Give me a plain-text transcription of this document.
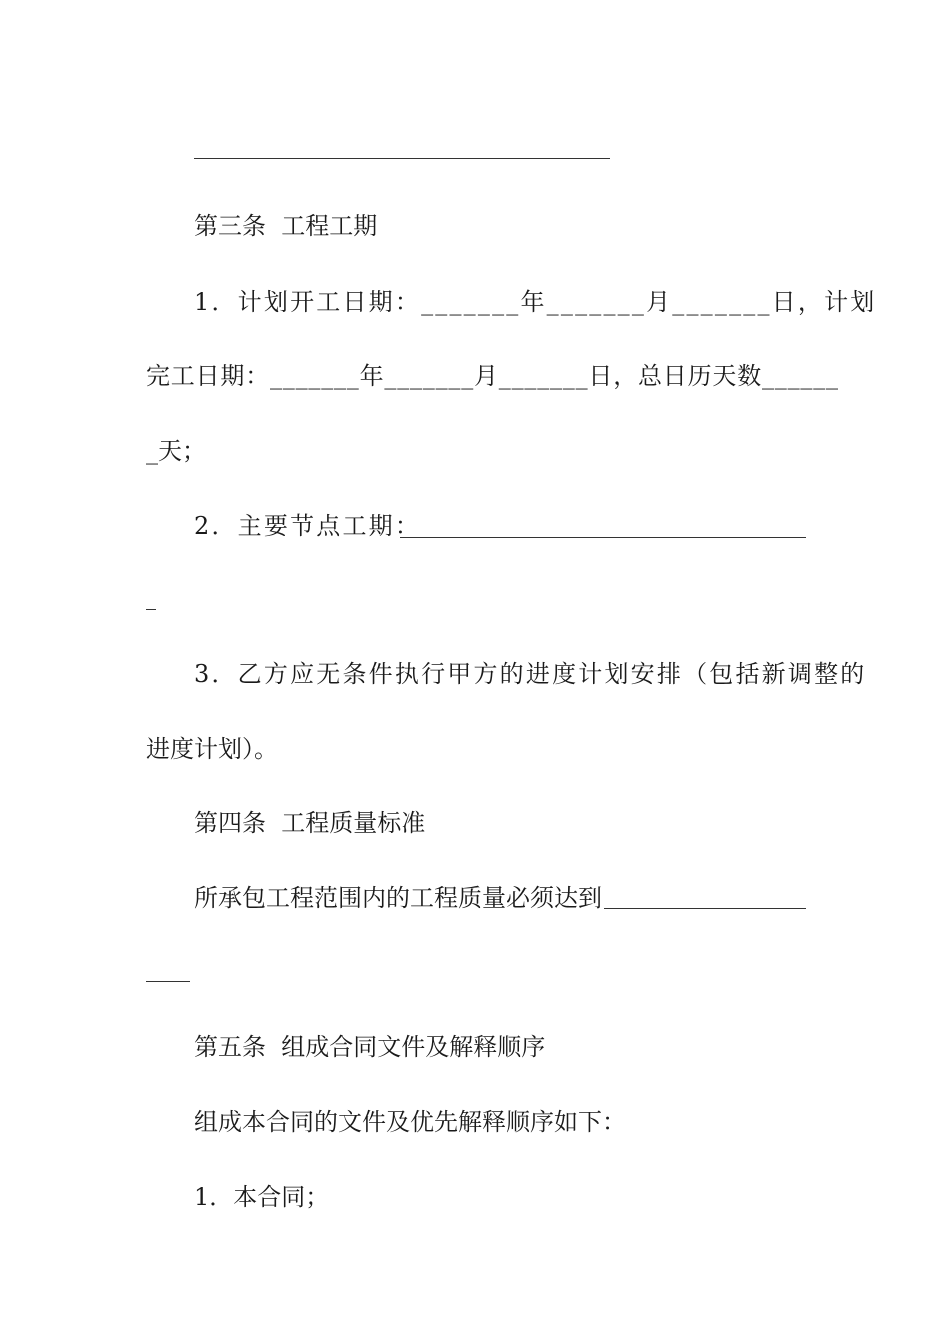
第三条  工程工期
1．计划开工日期：_______年_______月_______日，计划
完工日期：_______年_______月_______日，总日历天数______
_天；
2．主要节点工期：
3．乙方应无条件执行甲方的进度计划安排（包括新调整的
进度计划）。
第四条  工程质量标准
所承包工程范围内的工程质量必须达到
第五条  组成合同文件及解释顺序
组成本合同的文件及优先解释顺序如下：
1．本合同；
